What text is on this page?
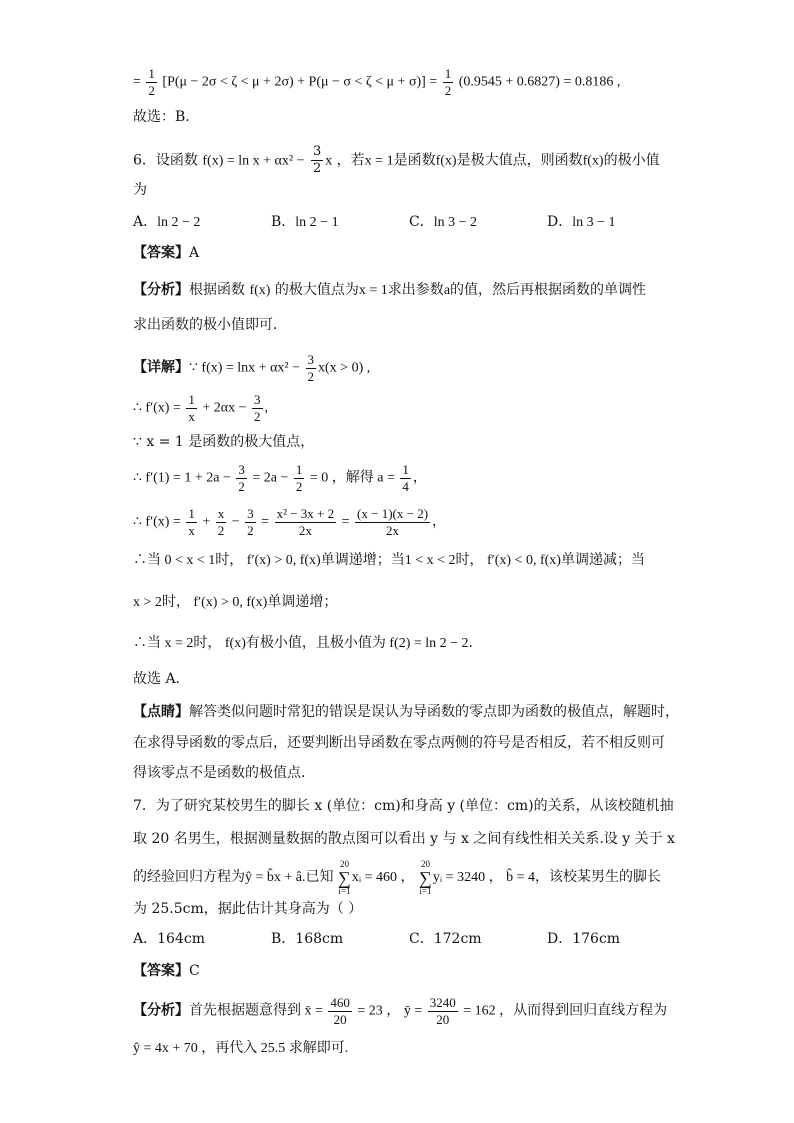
= $\frac{1}{2} [P(\mu - 2\sigma < \zeta < \mu + 2\sigma) + P(\mu - \sigma < \zeta < \mu + \sigma)] = \frac{1}{2} (0.9545 + 0.6827) = 0.8186$ ,
故选：B.
6．设函数 $f(x) = \ln x + \alpha x^2 - \frac{3}{2}$ x ，若x = 1是函数f(x)是极大值点，则函数f(x)的极小值
为
A．ln 2 − 2	B．ln 2 − 1	C．ln 3 − 2	D．ln 3 − 1
【答案】A
【分析】根据函数 f(x) 的极大值点为x = 1求出参数a的值，然后再根据函数的单调性
求出函数的极小值即可．
【详解】∵ $f(x) = \ln x + \alpha x^2 - \frac{3}{2} x(x > 0)$ ,
∴ $f'(x) = \frac{1}{x} + 2\alpha x - \frac{3}{2}$ ,
∵ x = 1 是函数的极大值点，
∴ $f'(1) = 1 + 2a - \frac{3}{2} = 2a - \frac{1}{2} = 0$ ，解得 $a = \frac{1}{4}$ ，
∴ $f'(x) = \frac{1}{x} + \frac{x}{2} - \frac{3}{2} = \frac{\text{x² − 3x + 2}}{2x} = \frac{(x - 1)(x - 2)}{2x}$ ，
∴当 0 < x < 1时， f′(x) > 0, f(x)单调递增；当1 < x < 2时， f′(x) < 0, f(x)单调递减；当
x > 2时， f′(x) > 0, f(x)单调递增；
∴当 x = 2时， f(x)有极小值，且极小值为 f(2) = ln 2 − 2．
故选 A．
【点睛】解答类似问题时常犯的错误是误认为导函数的零点即为函数的极值点，解题时，
在求得导函数的零点后，还要判断出导函数在零点两侧的符号是否相反，若不相反则可
得该零点不是函数的极值点．
7．为了研究某校男生的脚长 x (单位：cm)和身高 y (单位：cm)的关系，从该校随机抽
取 20 名男生，根据测量数据的散点图可以看出 y 与 x 之间有线性相关关系.设 y 关于 x
的经验回归方程为ŷ = b̂x + â.已知 20
∑
i=1xᵢ = 460 ， 20
∑
i=1yᵢ = 3240 ， b̂ = 4，该校某男生的脚长
为 25.5cm，据此估计其身高为（ ）
A．164cm	B．168cm	C．172cm	D．176cm
【答案】C
【分析】首先根据题意得到 x̄ = $\frac{460}{20} = 23$ ， ȳ = $\frac{3240}{20} = 162$ ，从而得到回归直线方程为
ŷ = 4x + 70 ，再代入 25.5 求解即可.
